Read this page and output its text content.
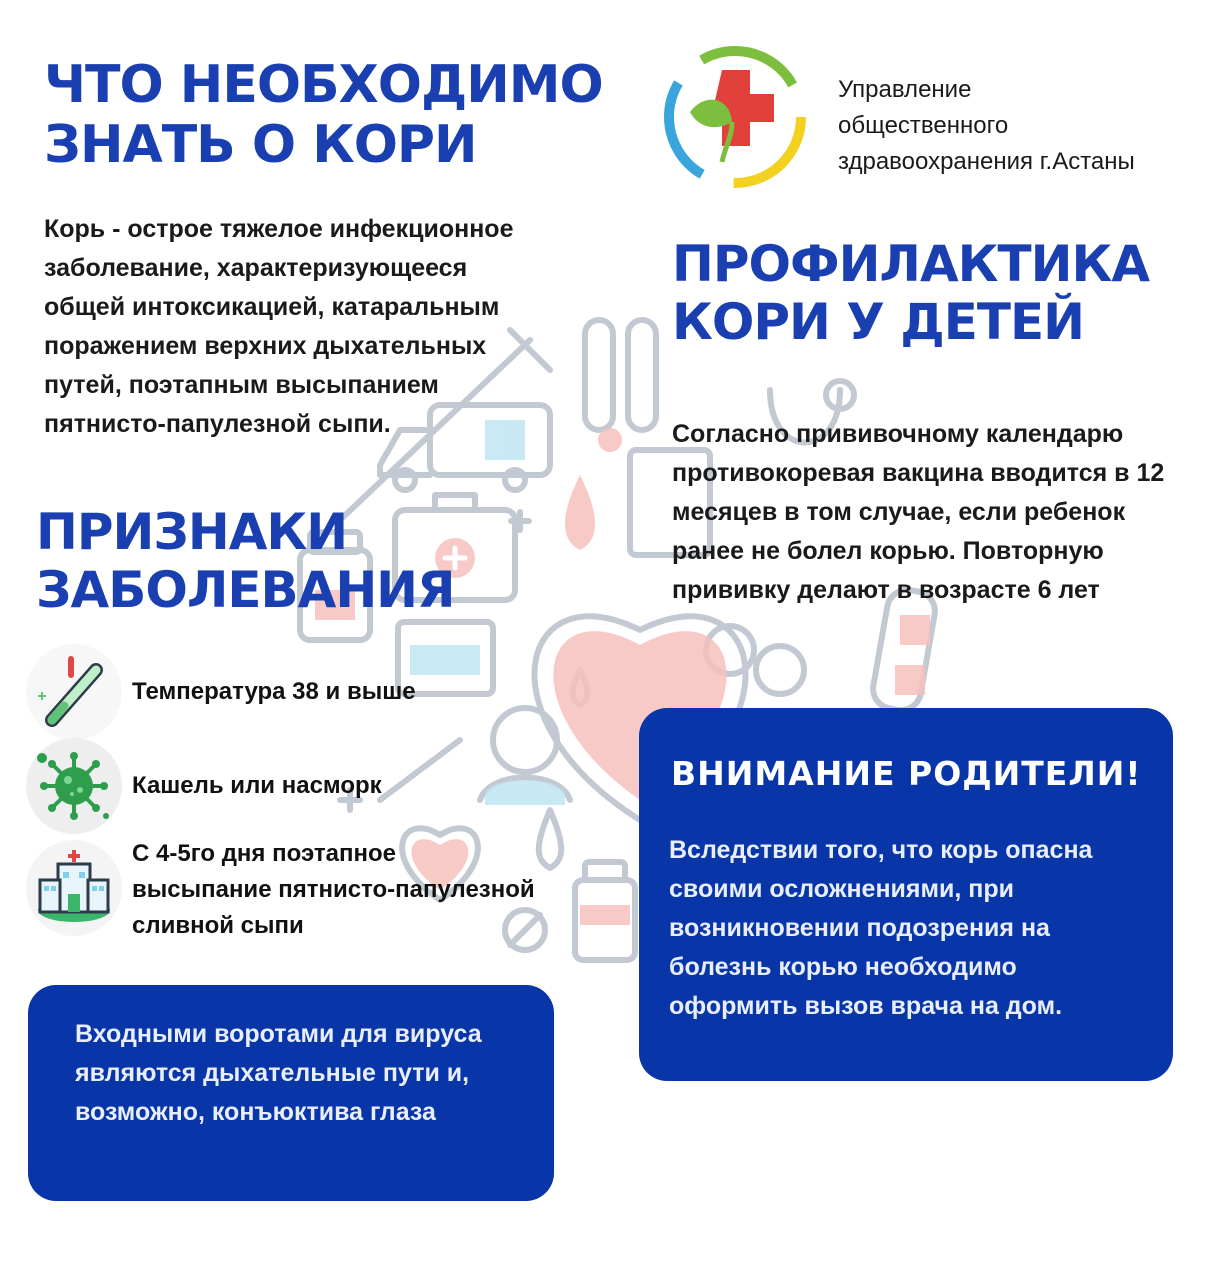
ЧТО НЕОБХОДИМО
ЗНАТЬ О КОРИ
Управление
общественного
здравоохранения г.Астаны

Корь - острое тяжелое инфекционное заболевание, характеризующееся общей интоксикацией, катаральным поражением верхних дыхательных путей, поэтапным высыпанием пятнисто-папулезной сыпи.

ПРОФИЛАКТИКА
КОРИ У ДЕТЕЙ

Согласно прививочному календарю противокоревая вакцина вводится в 12 месяцев в том случае, если ребенок ранее не болел корью. Повторную прививку делают в возрасте 6 лет

ПРИЗНАКИ
ЗАБОЛЕВАНИЯ
Температура 38 и выше
Кашель или насморк
С 4-5го дня поэтапное
высыпание пятнисто-папулезной
сливной сыпи
Входными воротами для вируса являются дыхательные пути и, возможно, конъюктива глаза
ВНИМАНИЕ РОДИТЕЛИ!
Вследствии того, что корь опасна своими осложнениями, при возникновении подозрения на болезнь корью необходимо оформить вызов врача на дом.
